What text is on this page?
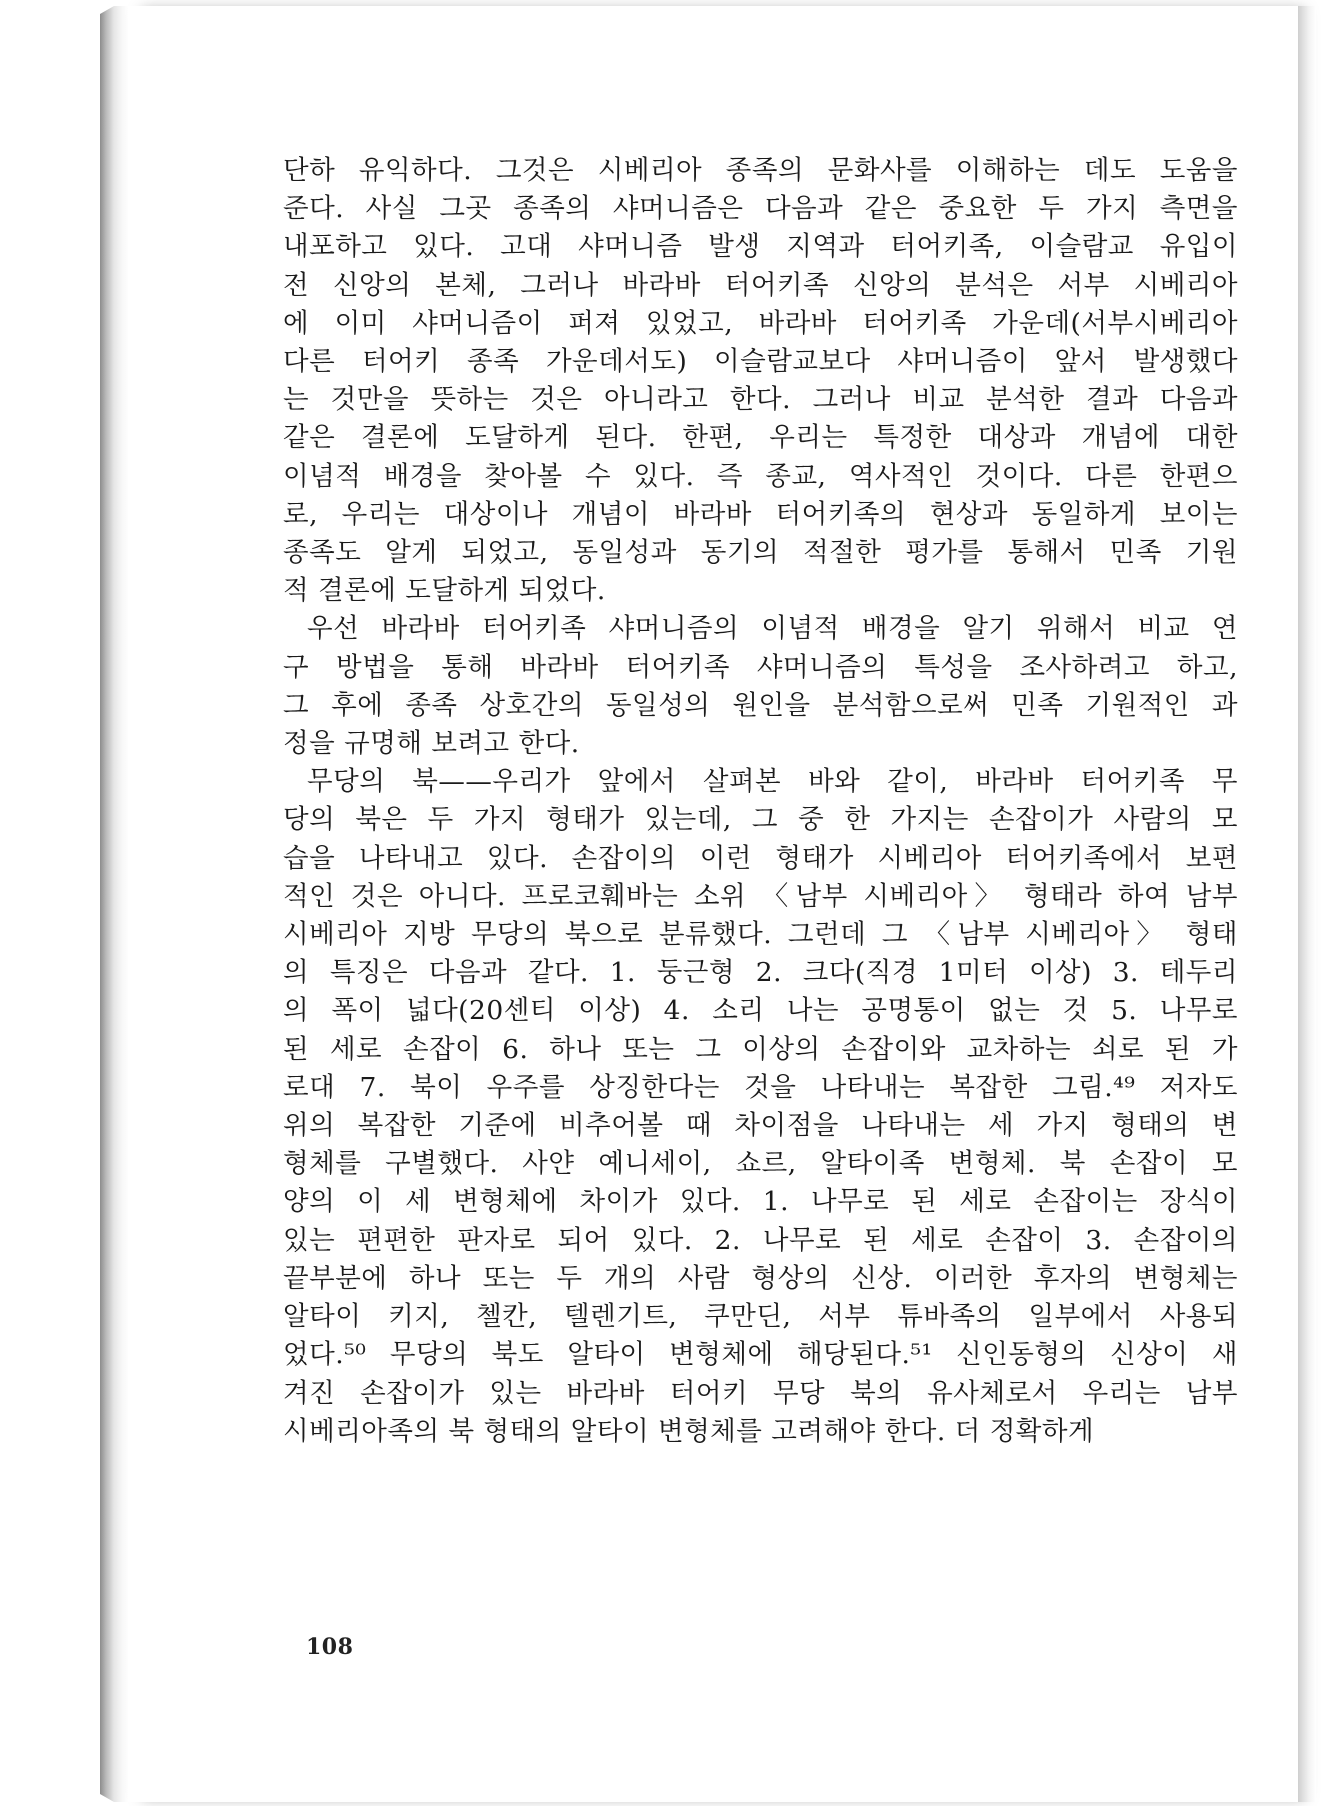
단하 유익하다. 그것은 시베리아 종족의 문화사를 이해하는 데도 도움을

준다. 사실 그곳 종족의 샤머니즘은 다음과 같은 중요한 두 가지 측면을

내포하고 있다. 고대 샤머니즘 발생 지역과 터어키족, 이슬람교 유입이

전 신앙의 본체, 그러나 바라바 터어키족 신앙의 분석은 서부 시베리아

에 이미 샤머니즘이 퍼져 있었고, 바라바 터어키족 가운데(서부시베리아

다른 터어키 종족 가운데서도) 이슬람교보다 샤머니즘이 앞서 발생했다

는 것만을 뜻하는 것은 아니라고 한다. 그러나 비교 분석한 결과 다음과

같은 결론에 도달하게 된다. 한편, 우리는 특정한 대상과 개념에 대한

이념적 배경을 찾아볼 수 있다. 즉 종교, 역사적인 것이다. 다른 한편으

로, 우리는 대상이나 개념이 바라바 터어키족의 현상과 동일하게 보이는

종족도 알게 되었고, 동일성과 동기의 적절한 평가를 통해서 민족 기원

적 결론에 도달하게 되었다.

우선 바라바 터어키족 샤머니즘의 이념적 배경을 알기 위해서 비교 연

구 방법을 통해 바라바 터어키족 샤머니즘의 특성을 조사하려고 하고,

그 후에 종족 상호간의 동일성의 원인을 분석함으로써 민족 기원적인 과

정을 규명해 보려고 한다.

무당의 북——우리가 앞에서 살펴본 바와 같이, 바라바 터어키족 무

당의 북은 두 가지 형태가 있는데, 그 중 한 가지는 손잡이가 사람의 모

습을 나타내고 있다. 손잡이의 이런 형태가 시베리아 터어키족에서 보편

적인 것은 아니다. 프로코훼바는 소위 〈남부 시베리아〉 형태라 하여 남부

시베리아 지방 무당의 북으로 분류했다. 그런데 그 〈남부 시베리아〉 형태

의 특징은 다음과 같다. 1. 둥근형 2. 크다(직경 1미터 이상) 3. 테두리

의 폭이 넓다(20센티 이상) 4. 소리 나는 공명통이 없는 것 5. 나무로

된 세로 손잡이 6. 하나 또는 그 이상의 손잡이와 교차하는 쇠로 된 가

로대 7. 북이 우주를 상징한다는 것을 나타내는 복잡한 그림.⁴⁹ 저자도

위의 복잡한 기준에 비추어볼 때 차이점을 나타내는 세 가지 형태의 변

형체를 구별했다. 사얀 예니세이, 쇼르, 알타이족 변형체. 북 손잡이 모

양의 이 세 변형체에 차이가 있다. 1. 나무로 된 세로 손잡이는 장식이

있는 편편한 판자로 되어 있다. 2. 나무로 된 세로 손잡이 3. 손잡이의

끝부분에 하나 또는 두 개의 사람 형상의 신상. 이러한 후자의 변형체는

알타이 키지, 첼칸, 텔렌기트, 쿠만딘, 서부 튜바족의 일부에서 사용되

었다.⁵⁰ 무당의 북도 알타이 변형체에 해당된다.⁵¹ 신인동형의 신상이 새

겨진 손잡이가 있는 바라바 터어키 무당 북의 유사체로서 우리는 남부

시베리아족의 북 형태의 알타이 변형체를 고려해야 한다. 더 정확하게

108
